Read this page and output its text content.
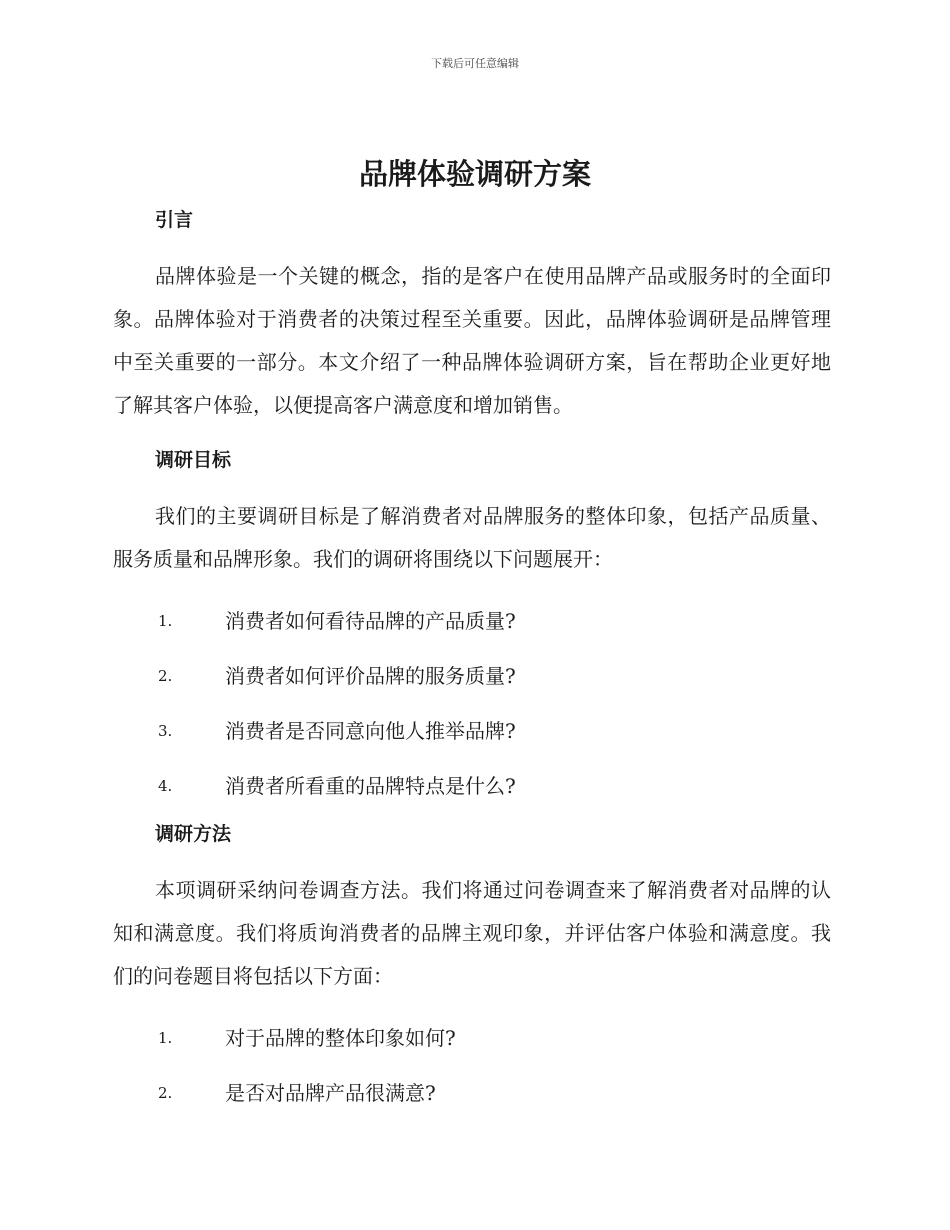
下载后可任意编辑
品牌体验调研方案
引言

品牌体验是一个关键的概念，指的是客户在使用品牌产品或服务时的全面印象。品牌体验对于消费者的决策过程至关重要。因此，品牌体验调研是品牌管理中至关重要的一部分。本文介绍了一种品牌体验调研方案，旨在帮助企业更好地了解其客户体验，以便提高客户满意度和增加销售。

调研目标

我们的主要调研目标是了解消费者对品牌服务的整体印象，包括产品质量、服务质量和品牌形象。我们的调研将围绕以下问题展开：

1.	消费者如何看待品牌的产品质量?
2.	消费者如何评价品牌的服务质量?
3.	消费者是否同意向他人推举品牌?
4.	消费者所看重的品牌特点是什么?
调研方法

本项调研采纳问卷调查方法。我们将通过问卷调查来了解消费者对品牌的认知和满意度。我们将质询消费者的品牌主观印象，并评估客户体验和满意度。我们的问卷题目将包括以下方面：

1.	对于品牌的整体印象如何?
2.	是否对品牌产品很满意?
